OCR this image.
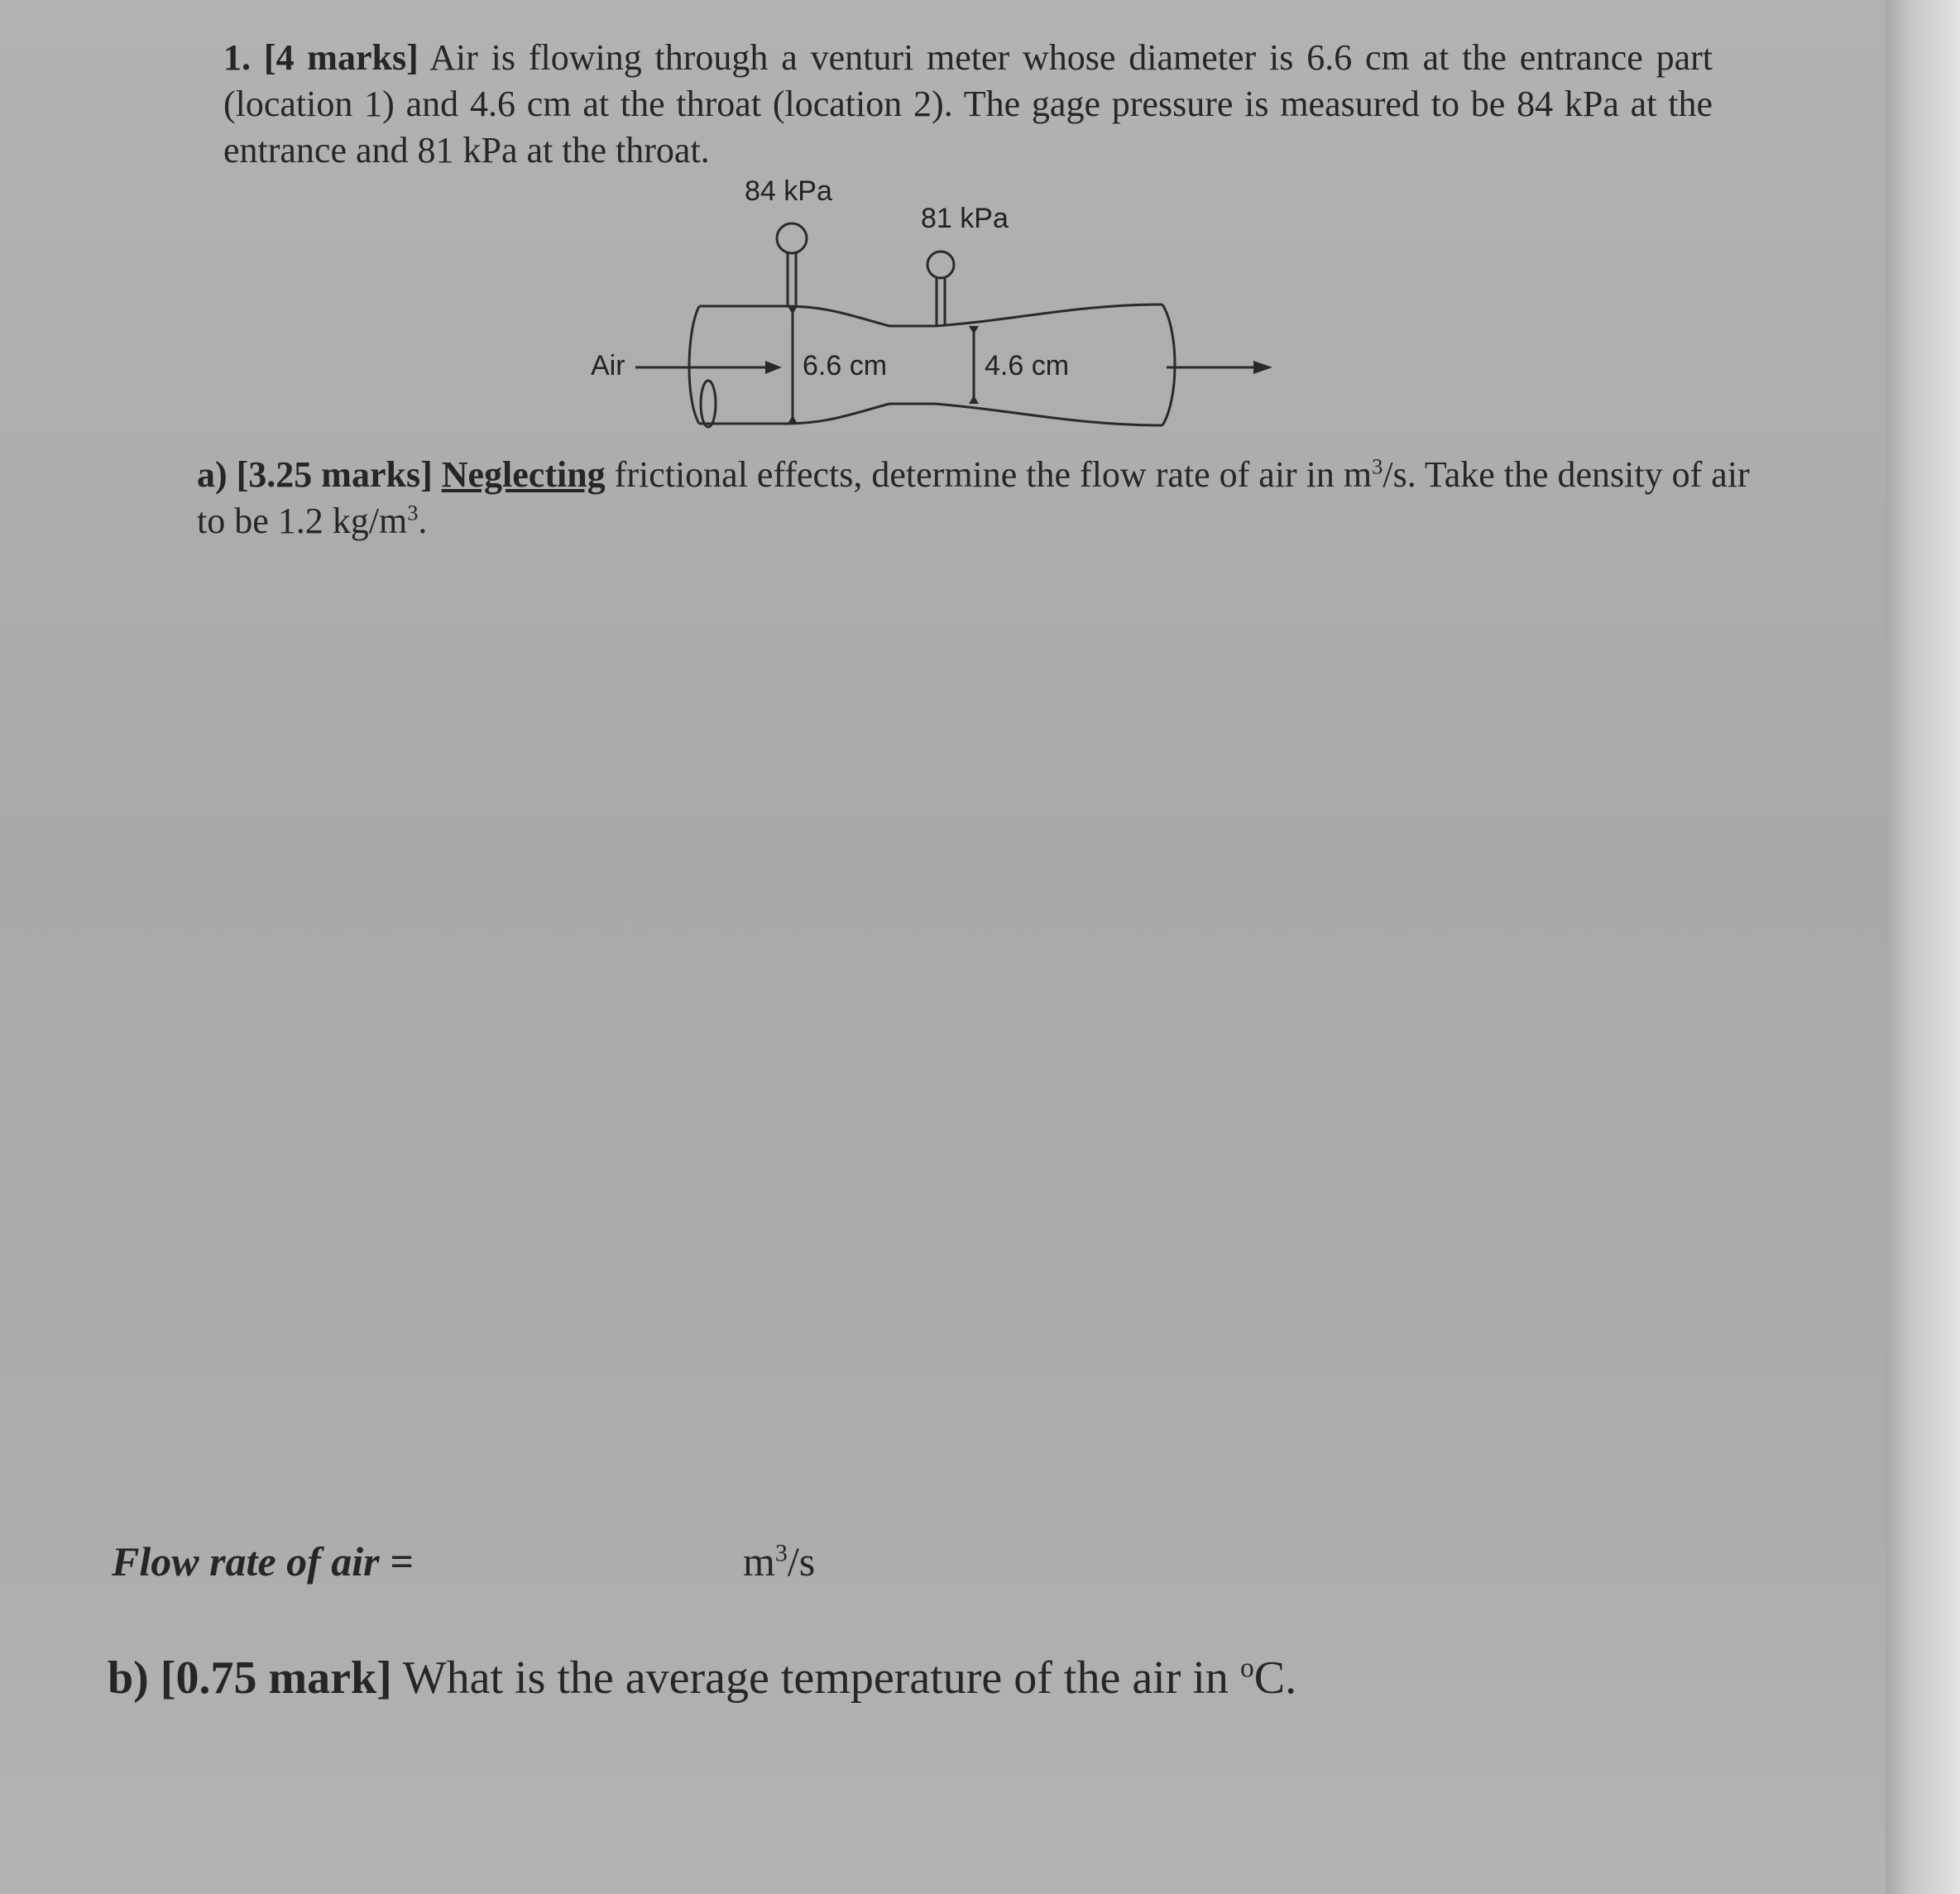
1. [4 marks] Air is flowing through a venturi meter whose diameter is 6.6 cm at the entrance part (location 1) and 4.6 cm at the throat (location 2). The gage pressure is measured to be 84 kPa at the entrance and 81 kPa at the throat.
84 kPa
81 kPa
Air	6.6 cm	4.6 cm
a) [3.25 marks] Neglecting frictional effects, determine the flow rate of air in $m^3/s$. Take the density of air to be 1.2 $kg/m^3$.
Flow rate of air =	$m^3/s$
b) [0.75 mark] What is the average temperature of the air in $^o$C.
